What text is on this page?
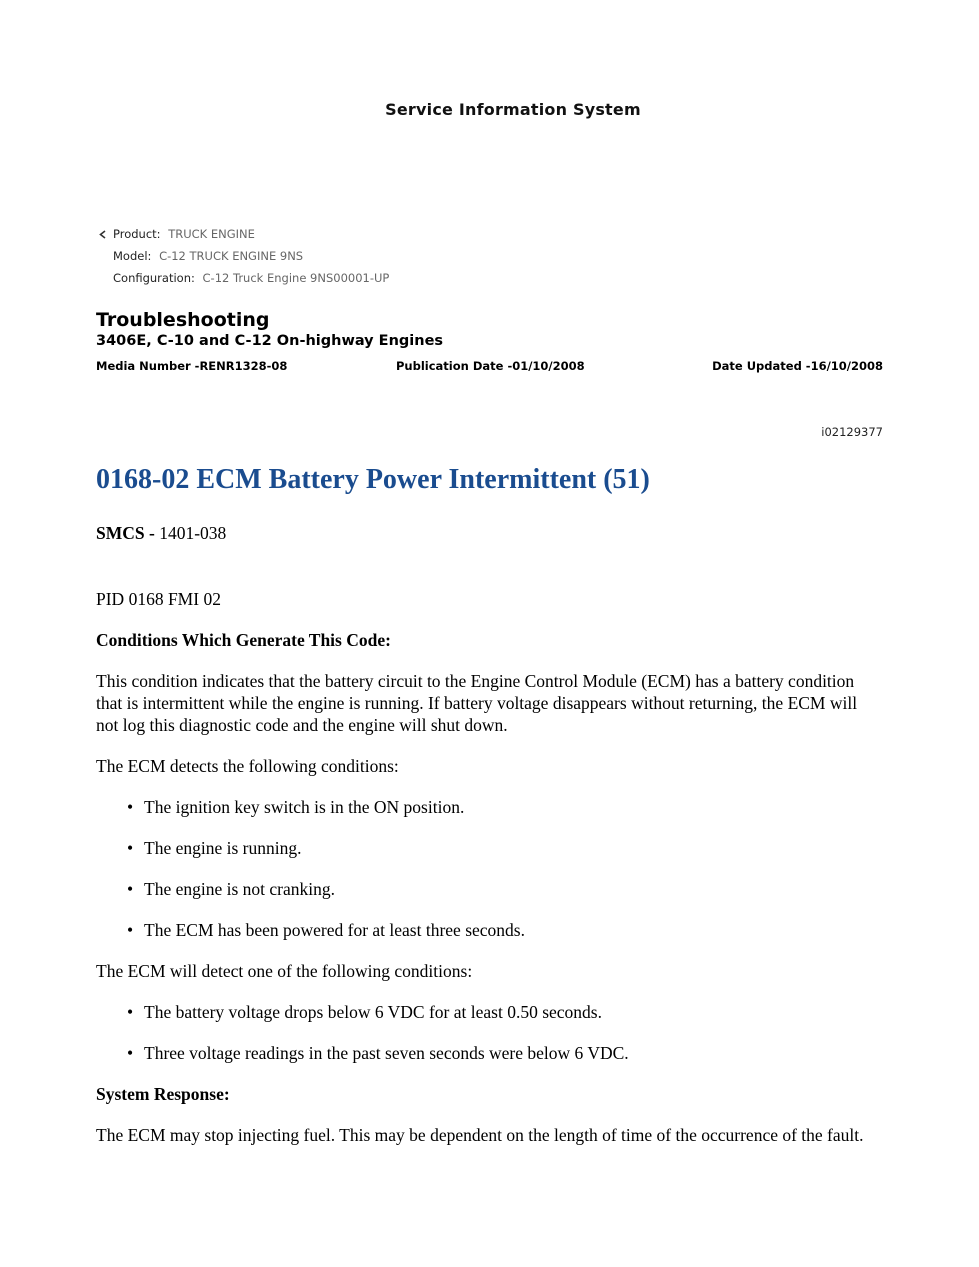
Service Information System
Product: TRUCK ENGINE
Model: C-12 TRUCK ENGINE 9NS
Configuration: C-12 Truck Engine 9NS00001-UP
Troubleshooting
3406E, C-10 and C-12 On-highway Engines
Media Number -RENR1328-08	Publication Date -01/10/2008	Date Updated -16/10/2008
i02129377
0168-02 ECM Battery Power Intermittent (51)

SMCS - 1401-038

PID 0168 FMI 02

Conditions Which Generate This Code:

This condition indicates that the battery circuit to the Engine Control Module (ECM) has a battery condition that is intermittent while the engine is running. If battery voltage disappears without returning, the ECM will not log this diagnostic code and the engine will shut down.

The ECM detects the following conditions:

• The ignition key switch is in the ON position.
• The engine is running.
• The engine is not cranking.
• The ECM has been powered for at least three seconds.

The ECM will detect one of the following conditions:

• The battery voltage drops below 6 VDC for at least 0.50 seconds.
• Three voltage readings in the past seven seconds were below 6 VDC.

System Response:

The ECM may stop injecting fuel. This may be dependent on the length of time of the occurrence of the fault.
